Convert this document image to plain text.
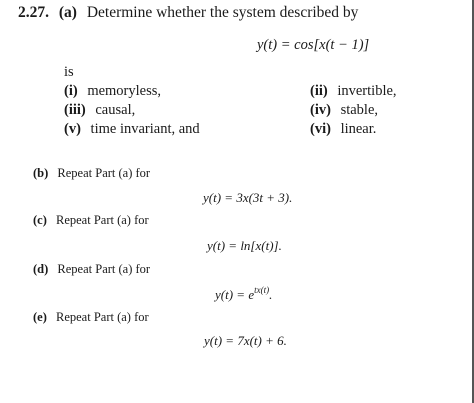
2.27. (a) Determine whether the system described by
y(t) = cos[x(t − 1)]
is
(i) memoryless,	(ii) invertible,
(iii) causal,	(iv) stable,
(v) time invariant, and	(vi) linear.
(b) Repeat Part (a) for
y(t) = 3x(3t + 3).
(c) Repeat Part (a) for
y(t) = ln[x(t)].
(d) Repeat Part (a) for
$y(t) = e^{tx(t)}$.
(e) Repeat Part (a) for
y(t) = 7x(t) + 6.
